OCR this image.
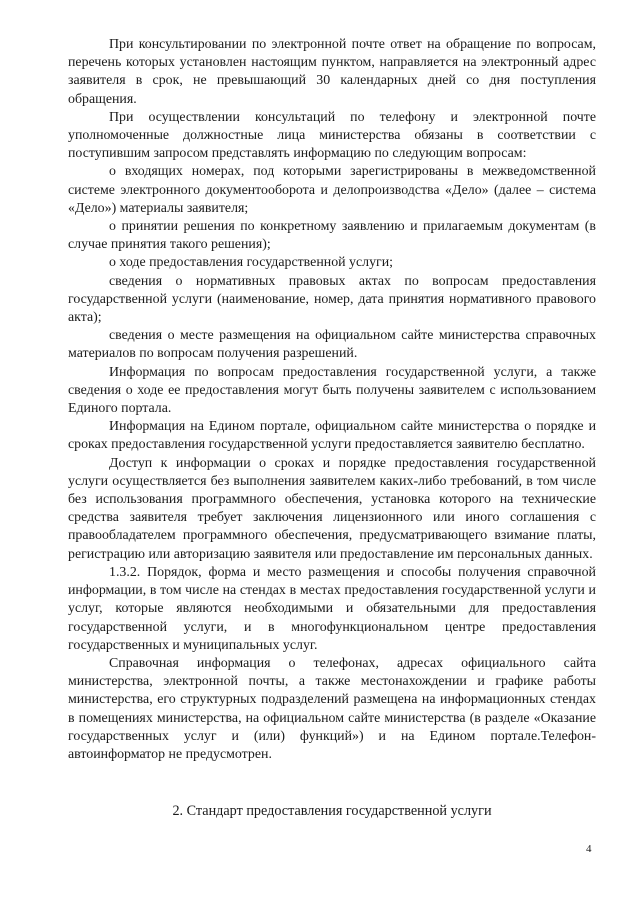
При консультировании по электронной почте ответ на обращение по вопросам, перечень которых установлен настоящим пунктом, направляется на электронный адрес заявителя в срок, не превышающий 30 календарных дней со дня поступления обращения.

При осуществлении консультаций по телефону и электронной почте уполномоченные должностные лица министерства обязаны в соответствии с поступившим запросом представлять информацию по следующим вопросам:

о входящих номерах, под которыми зарегистрированы в межведомственной системе электронного документооборота и делопроизводства «Дело» (далее – система «Дело») материалы заявителя;

о принятии решения по конкретному заявлению и прилагаемым документам (в случае принятия такого решения);

о ходе предоставления государственной услуги;

сведения о нормативных правовых актах по вопросам предоставления государственной услуги (наименование, номер, дата принятия нормативного правового акта);

сведения о месте размещения на официальном сайте министерства справочных материалов по вопросам получения разрешений.

Информация по вопросам предоставления государственной услуги, а также сведения о ходе ее предоставления могут быть получены заявителем с использованием Единого портала.

Информация на Едином портале, официальном сайте министерства о порядке и сроках предоставления государственной услуги предоставляется заявителю бесплатно.

Доступ к информации о сроках и порядке предоставления государственной услуги осуществляется без выполнения заявителем каких-либо требований, в том числе без использования программного обеспечения, установка которого на технические средства заявителя требует заключения лицензионного или иного соглашения с правообладателем программного обеспечения, предусматривающего взимание платы, регистрацию или авторизацию заявителя или предоставление им персональных данных.

1.3.2. Порядок, форма и место размещения и способы получения справочной информации, в том числе на стендах в местах предоставления государственной услуги и услуг, которые являются необходимыми и обязательными для предоставления государственной услуги, и в многофункциональном центре предоставления государственных и муниципальных услуг.

Справочная информация о телефонах, адресах официального сайта министерства, электронной почты, а также местонахождении и графике работы министерства, его структурных подразделений размещена на информационных стендах в помещениях министерства, на официальном сайте министерства (в разделе «Оказание государственных услуг и (или) функций») и на Едином портале.Телефон-автоинформатор не предусмотрен.

2. Стандарт предоставления государственной услуги
4
